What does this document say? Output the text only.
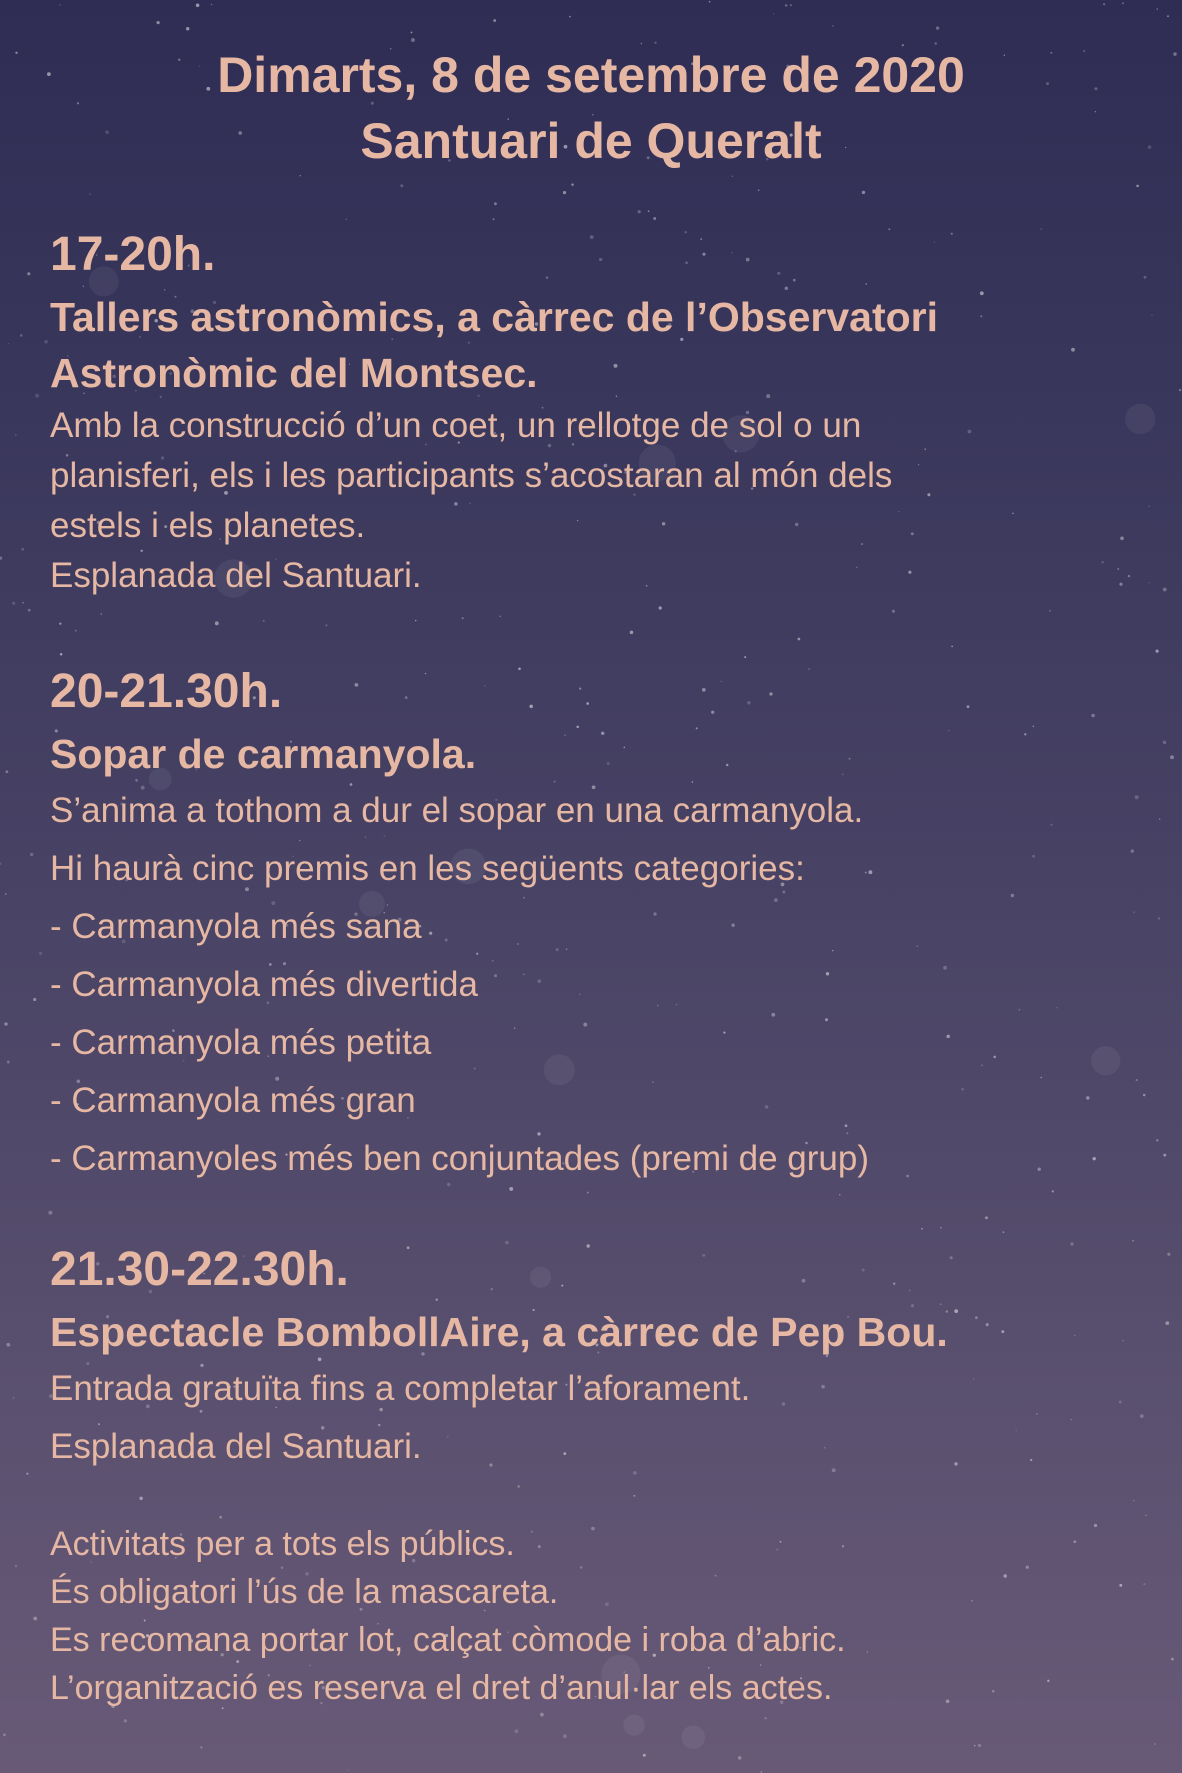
Dimarts, 8 de setembre de 2020
Santuari de Queralt
17-20h.
Tallers astronòmics, a càrrec de l’Observatori
Astronòmic del Montsec.
Amb la construcció d’un coet, un rellotge de sol o un
planisferi, els i les participants s’acostaran al món dels
estels i els planetes.
Esplanada del Santuari.
20-21.30h.
Sopar de carmanyola.
S’anima a tothom a dur el sopar en una carmanyola.
Hi haurà cinc premis en les següents categories:
- Carmanyola més sana
- Carmanyola més divertida
- Carmanyola més petita
- Carmanyola més gran
- Carmanyoles més ben conjuntades (premi de grup)
21.30-22.30h.
Espectacle BombollAire, a càrrec de Pep Bou.
Entrada gratuïta fins a completar l’aforament.
Esplanada del Santuari.
Activitats per a tots els públics.
És obligatori l’ús de la mascareta.
Es recomana portar lot, calçat còmode i roba d’abric.
L’organització es reserva el dret d’anul·lar els actes.
